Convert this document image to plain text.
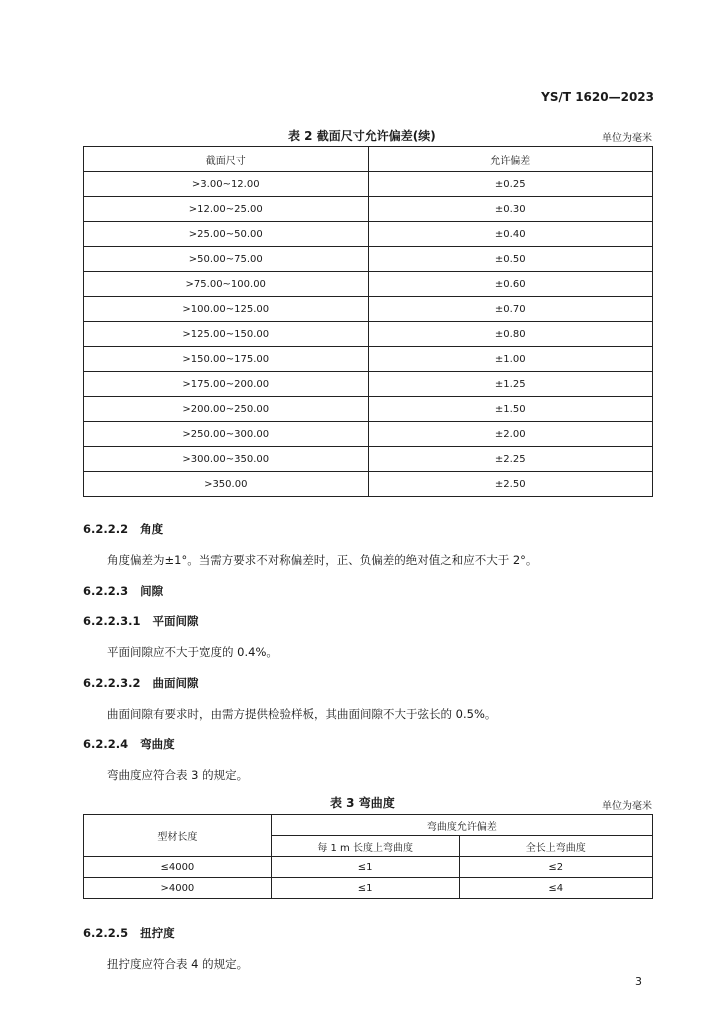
YS/T 1620—2023
表 2 截面尺寸允许偏差(续)	单位为毫米
截面尺寸	允许偏差
>3.00~12.00	±0.25
>12.00~25.00	±0.30
>25.00~50.00	±0.40
>50.00~75.00	±0.50
>75.00~100.00	±0.60
>100.00~125.00	±0.70
>125.00~150.00	±0.80
>150.00~175.00	±1.00
>175.00~200.00	±1.25
>200.00~250.00	±1.50
>250.00~300.00	±2.00
>300.00~350.00	±2.25
>350.00	±2.50
6.2.2.2 角度
角度偏差为±1°。当需方要求不对称偏差时，正、负偏差的绝对值之和应不大于 2°。
6.2.2.3 间隙
6.2.2.3.1 平面间隙
平面间隙应不大于宽度的 0.4%。
6.2.2.3.2 曲面间隙
曲面间隙有要求时，由需方提供检验样板，其曲面间隙不大于弦长的 0.5%。
6.2.2.4 弯曲度
弯曲度应符合表 3 的规定。
表 3 弯曲度	单位为毫米
型材长度	弯曲度允许偏差	
	每 1 m 长度上弯曲度	全长上弯曲度
≤4000	≤1	≤2
>4000	≤1	≤4
6.2.2.5 扭拧度
扭拧度应符合表 4 的规定。
3
